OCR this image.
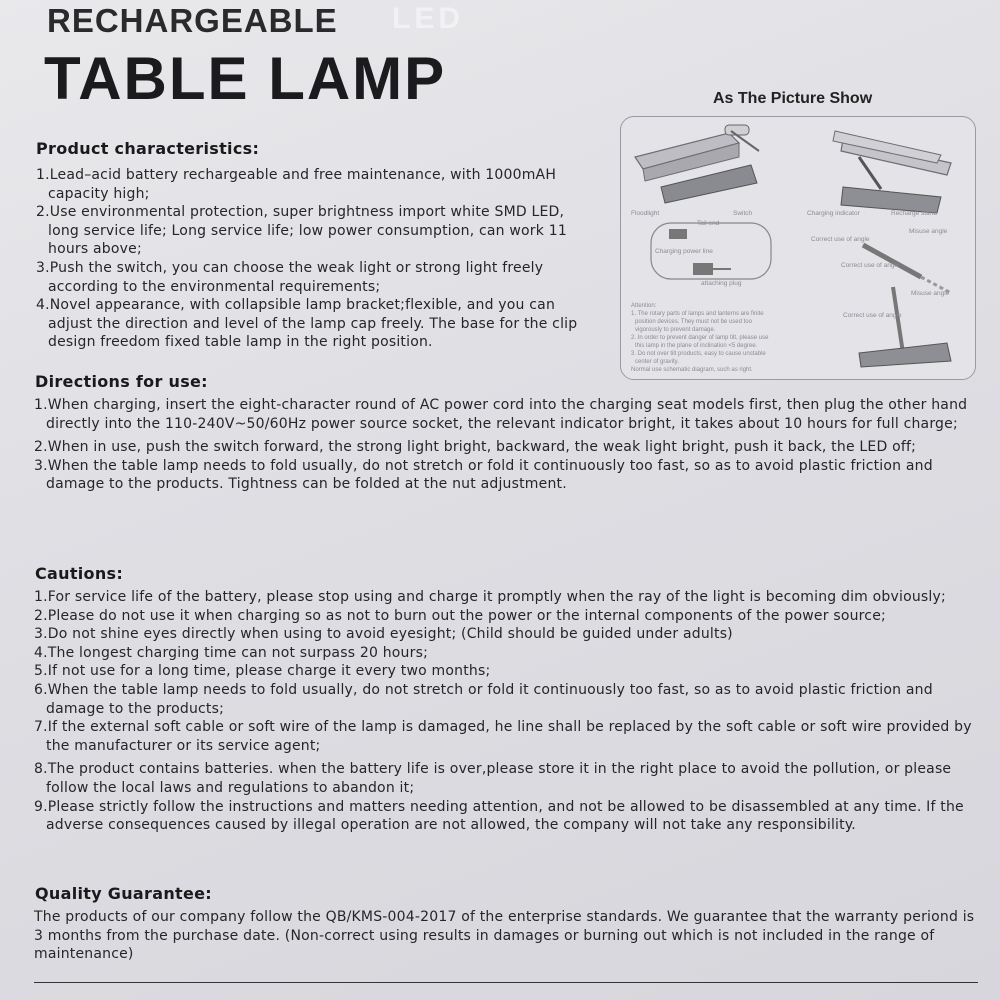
LED
RECHARGEABLE
TABLE LAMP	As The Picture Show
Floodlight	Switch	Charging indicator	Recharge stand
Tail end
Charging power line
attaching plug
Correct use of angle
Correct use of angle
Correct use of angle
Misuse angle
Misuse angle
Attention:
1. The rotary parts of lamps and lanterns are finite
position devices. They must not be used too
vigorously to prevent damage.
2. In order to prevent danger of lamp tilt, please use
this lamp in the plane of inclination <5 degree.
3. Do not over tilt products, easy to cause unstable
center of gravity.
Normal use schematic diagram, such as right.
Product characteristics:

1.Lead–acid battery rechargeable and free maintenance, with 1000mAH capacity high;

2.Use environmental protection, super brightness import white SMD LED, long service life; Long service life; low power consumption, can work 11 hours above;

3.Push the switch, you can choose the weak light or strong light freely according to the environmental requirements;

4.Novel appearance, with collapsible lamp bracket;flexible, and you can adjust the direction and level of the lamp cap freely. The base for the clip design freedom fixed table lamp in the right position.

Directions for use:

1.When charging, insert the eight-character round of AC power cord into the charging seat models first, then plug the other hand directly into the 110-240V~50/60Hz power source socket, the relevant indicator bright, it takes about 10 hours for full charge;

2.When in use, push the switch forward, the strong light bright, backward, the weak light bright, push it back, the LED off;

3.When the table lamp needs to fold usually, do not stretch or fold it continuously too fast, so as to avoid plastic friction and damage to the products. Tightness can be folded at the nut adjustment.

Cautions:

1.For service life of the battery, please stop using and charge it promptly when the ray of the light is becoming dim obviously;

2.Please do not use it when charging so as not to burn out the power or the internal components of the power source;

3.Do not shine eyes directly when using to avoid eyesight; (Child should be guided under adults)

4.The longest charging time can not surpass 20 hours;

5.If not use for a long time, please charge it every two months;

6.When the table lamp needs to fold usually, do not stretch or fold it continuously too fast, so as to avoid plastic friction and damage to the products;

7.If the external soft cable or soft wire of the lamp is damaged, he line shall be replaced by the soft cable or soft wire provided by the manufacturer or its service agent;

8.The product contains batteries. when the battery life is over,please store it in the right place to avoid the pollution, or please follow the local laws and regulations to abandon it;

9.Please strictly follow the instructions and matters needing attention, and not be allowed to be disassembled at any time. If the adverse consequences caused by illegal operation are not allowed, the company will not take any responsibility.

Quality Guarantee:
The products of our company follow the QB/KMS-004-2017 of the enterprise standards. We guarantee that the warranty periond is 3 months from the purchase date. (Non-correct using results in damages or burning out which is not included in the range of maintenance)
